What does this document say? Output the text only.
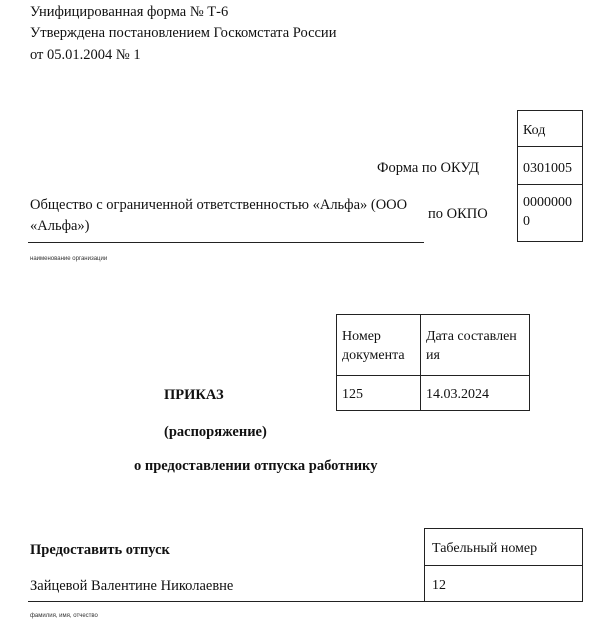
Унифицированная форма № Т-6
Утверждена постановлением Госкомстата России
от 05.01.2004 № 1
Код
0301005
0000000
0
Форма по ОКУД
по ОКПО
Общество с ограниченной ответственностью «Альфа» (ООО
«Альфа»)
наименование организации
Номер
документа
Дата составлен
ия
125	14.03.2024
ПРИКАЗ
(распоряжение)
о предоставлении отпуска работнику
Табельный номер
12
Предоставить отпуск
Зайцевой Валентине Николаевне
фамилия, имя, отчество
